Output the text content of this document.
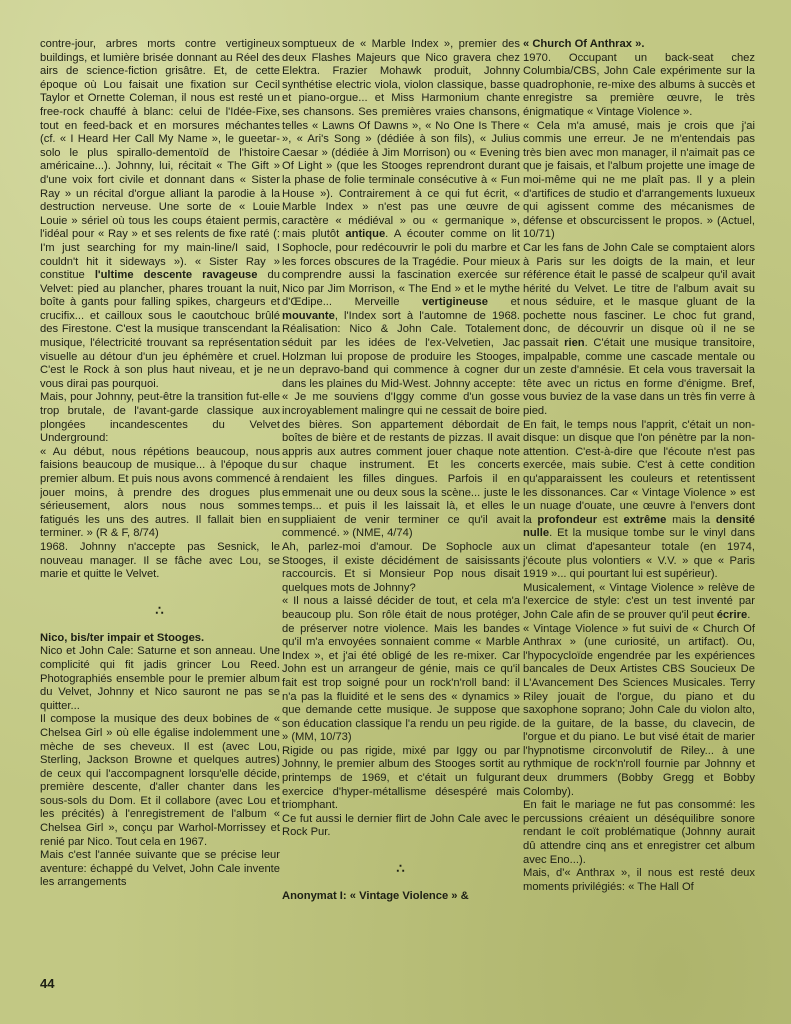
contre-jour, arbres morts contre vertigineux buildings, et lumière brisée donnant au Réel des airs de science-fiction grisâtre. Et, de cette époque où Lou faisait une fixation sur Cecil Taylor et Ornette Coleman, il nous est resté un free-rock chauffé à blanc: celui de l'Idée-Fixe, tout en feed-back et en morsures méchantes (cf. « I Heard Her Call My Name », le gueetar-solo le plus spirallo-dementoïd de l'histoire américaine...). Johnny, lui, récitait « The Gift » d'une voix fort civile et donnant dans « Sister Ray » un récital d'orgue alliant la parodie à la destruction nerveuse. Une sorte de « Louie Louie » sériel où tous les coups étaient permis, l'idéal pour « Ray » et ses relents de fixe raté (: I'm just searching for my main-line/I said, I couldn't hit it sideways »). « Sister Ray » constitue l'ultime descente ravageuse du Velvet: pied au plancher, phares trouant la nuit, boîte à gants pour falling spikes, chargeurs et crucifix... et cailloux sous le caoutchouc brûlé des Firestone. C'est la musique transcendant la musique, l'électricité trouvant sa représentation visuelle au détour d'un jeu éphémère et cruel. C'est le Rock à son plus haut niveau, et je ne vous dirai pas pourquoi.

Mais, pour Johnny, peut-être la transition fut-elle trop brutale, de l'avant-garde classique aux plongées incandescentes du Velvet Underground:

« Au début, nous répétions beaucoup, nous faisions beaucoup de musique... à l'époque du premier album. Et puis nous avons commencé à jouer moins, à prendre des drogues plus sérieusement, alors nous nous sommes fatigués les uns des autres. Il fallait bien en terminer. » (R & F, 8/74)

1968. Johnny n'accepte pas Sesnick, le nouveau manager. Il se fâche avec Lou, se marie et quitte le Velvet.

∴

Nico, bis/ter impair et Stooges.

Nico et John Cale: Saturne et son anneau. Une complicité qui fit jadis grincer Lou Reed. Photographiés ensemble pour le premier album du Velvet, Johnny et Nico sauront ne pas se quitter...

Il compose la musique des deux bobines de « Chelsea Girl » où elle égalise indolemment une mèche de ses cheveux. Il est (avec Lou, Sterling, Jackson Browne et quelques autres) de ceux qui l'accompagnent lorsqu'elle décide, première descente, d'aller chanter dans les sous-sols du Dom. Et il collabore (avec Lou et les précités) à l'enregistrement de l'album « Chelsea Girl », conçu par Warhol-Morrissey et renié par Nico. Tout cela en 1967.

Mais c'est l'année suivante que se précise leur aventure: échappé du Velvet, John Cale invente les arrangements

somptueux de « Marble Index », premier des deux Flashes Majeurs que Nico gravera chez Elektra. Frazier Mohawk produit, Johnny synthétise electric viola, violon classique, basse et piano-orgue... et Miss Harmonium chante ses chansons. Ses premières vraies chansons, telles « Lawns Of Dawns », « No One Is There », « Ari's Song » (dédiée à son fils), « Julius Caesar » (dédiée à Jim Morrison) ou « Evening Of Light » (que les Stooges reprendront durant la phase de folie terminale consécutive à « Fun House »). Contrairement à ce qui fut écrit, « Marble Index » n'est pas une œuvre de caractère « médiéval » ou « germanique », mais plutôt antique. A écouter comme on lit Sophocle, pour redécouvrir le poli du marbre et les forces obscures de la Tragédie. Pour mieux comprendre aussi la fascination exercée sur Nico par Jim Morrison, « The End » et le mythe d'Œdipe... Merveille vertigineuse et mouvante, l'Index sort à l'automne de 1968. Réalisation: Nico & John Cale. Totalement séduit par les idées de l'ex-Velvetien, Jac Holzman lui propose de produire les Stooges, un depravo-band qui commence à cogner dur dans les plaines du Mid-West. Johnny accepte:

« Je me souviens d'Iggy comme d'un gosse incroyablement malingre qui ne cessait de boire des bières. Son appartement débordait de boîtes de bière et de restants de pizzas. Il avait appris aux autres comment jouer chaque note sur chaque instrument. Et les concerts rendaient les filles dingues. Parfois il en emmenait une ou deux sous la scène... juste le temps... et puis il les laissait là, et elles le suppliaient de venir terminer ce qu'il avait commencé. » (NME, 4/74)

Ah, parlez-moi d'amour. De Sophocle aux Stooges, il existe décidément de saisissants raccourcis. Et si Monsieur Pop nous disait quelques mots de Johnny?

« Il nous a laissé décider de tout, et cela m'a beaucoup plu. Son rôle était de nous protéger, de préserver notre violence. Mais les bandes qu'il m'a envoyées sonnaient comme « Marble Index », et j'ai été obligé de les re-mixer. Car John est un arrangeur de génie, mais ce qu'il fait est trop soigné pour un rock'n'roll band: il n'a pas la fluidité et le sens des « dynamics » que demande cette musique. Je suppose que son éducation classique l'a rendu un peu rigide. » (MM, 10/73)

Rigide ou pas rigide, mixé par Iggy ou par Johnny, le premier album des Stooges sortit au printemps de 1969, et c'était un fulgurant exercice d'hyper-métallisme désespéré mais triomphant.

Ce fut aussi le dernier flirt de John Cale avec le Rock Pur.

∴

Anonymat I: « Vintage Violence » &

« Church Of Anthrax ».

1970. Occupant un back-seat chez Columbia/CBS, John Cale expérimente sur la quadrophonie, re-mixe des albums à succès et enregistre sa première œuvre, le très énigmatique « Vintage Violence ».

« Cela m'a amusé, mais je crois que j'ai commis une erreur. Je ne m'entendais pas très bien avec mon manager, il n'aimait pas ce que je faisais, et l'album projette une image de moi-même qui ne me plaît pas. Il y a plein d'artifices de studio et d'arrangements luxueux qui agissent comme des mécanismes de défense et obscurcissent le propos. » (Actuel, 10/71)

Car les fans de John Cale se comptaient alors à Paris sur les doigts de la main, et leur référence était le passé de scalpeur qu'il avait hérité du Velvet. Le titre de l'album avait su nous séduire, et le masque gluant de la pochette nous fasciner. Le choc fut grand, donc, de découvrir un disque où il ne se passait rien. C'était une musique transitoire, impalpable, comme une cascade mentale ou un zeste d'amnésie. Et cela vous traversait la tête avec un rictus en forme d'énigme. Bref, vous buviez de la vase dans un très fin verre à pied.

En fait, le temps nous l'apprit, c'était un non-disque: un disque que l'on pénètre par la non-attention. C'est-à-dire que l'écoute n'est pas exercée, mais subie. C'est à cette condition qu'apparaissent les couleurs et retentissent les dissonances. Car « Vintage Violence » est un nuage d'ouate, une œuvre à l'envers dont la profondeur est extrême mais la densité nulle. Et la musique tombe sur le vinyl dans un climat d'apesanteur totale (en 1974, j'écoute plus volontiers « V.V. » que « Paris 1919 »... qui pourtant lui est supérieur).

Musicalement, « Vintage Violence » relève de l'exercice de style: c'est un test inventé par John Cale afin de se prouver qu'il peut écrire.

« Vintage Violence » fut suivi de « Church Of Anthrax » (une curiosité, un artifact). Ou, l'hypocycloïde engendrée par les expériences bancales de Deux Artistes CBS Soucieux De L'Avancement Des Sciences Musicales. Terry Riley jouait de l'orgue, du piano et du saxophone soprano; John Cale du violon alto, de la guitare, de la basse, du clavecin, de l'orgue et du piano. Le but visé était de marier l'hypnotisme circonvolutif de Riley... à une rythmique de rock'n'roll fournie par Johnny et deux drummers (Bobby Gregg et Bobby Colomby).

En fait le mariage ne fut pas consommé: les percussions créaient un déséquilibre sonore rendant le coït problématique (Johnny aurait dû attendre cinq ans et enregistrer cet album avec Eno...).

Mais, d'« Anthrax », il nous est resté deux moments privilégiés: « The Hall Of

44
